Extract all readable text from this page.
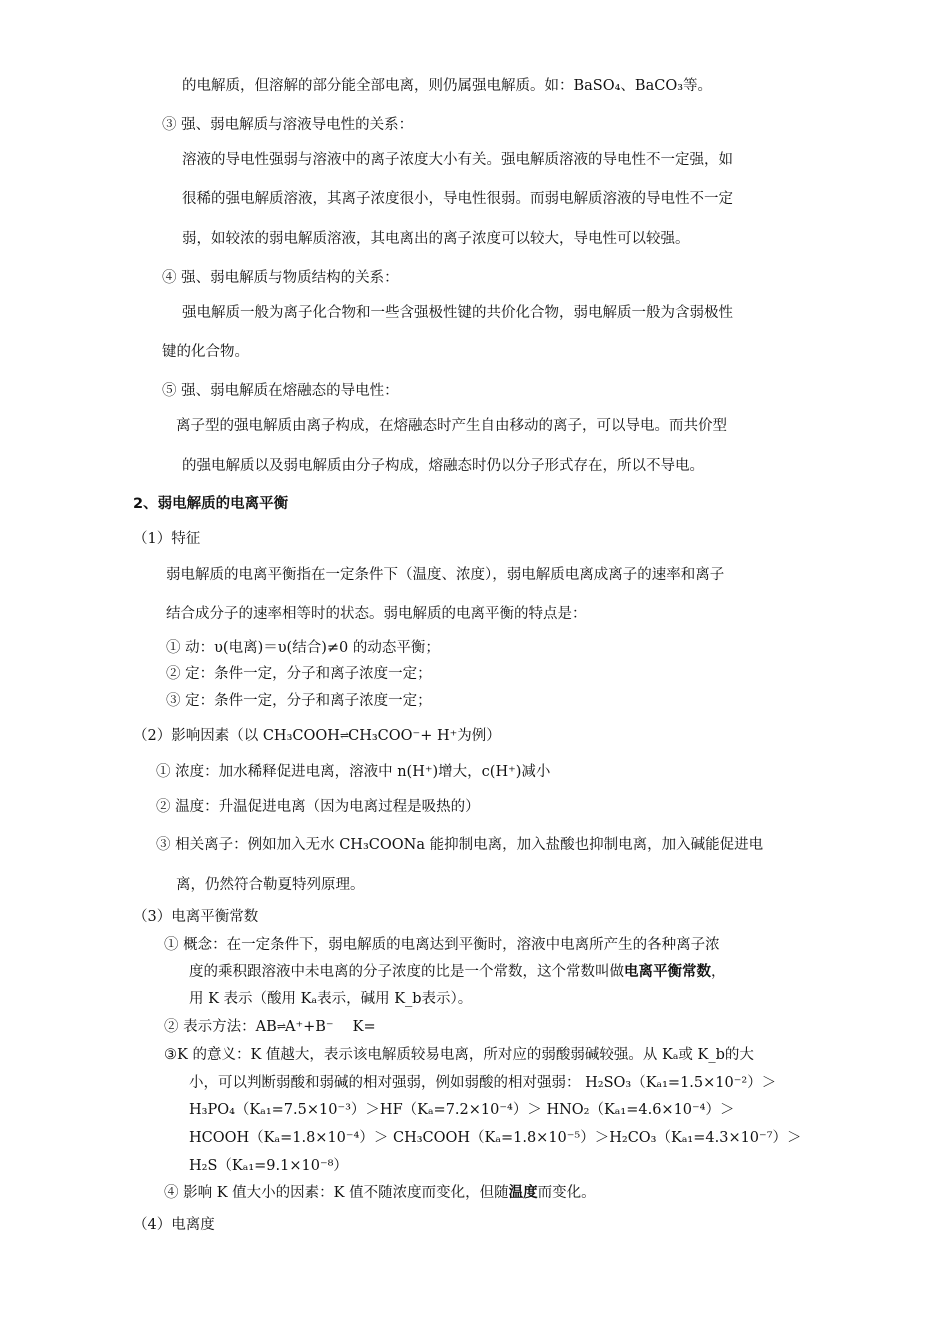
的电解质，但溶解的部分能全部电离，则仍属强电解质。如：BaSO₄、BaCO₃等。
③ 强、弱电解质与溶液导电性的关系：
溶液的导电性强弱与溶液中的离子浓度大小有关。强电解质溶液的导电性不一定强，如
很稀的强电解质溶液，其离子浓度很小，导电性很弱。而弱电解质溶液的导电性不一定
弱，如较浓的弱电解质溶液，其电离出的离子浓度可以较大，导电性可以较强。
④ 强、弱电解质与物质结构的关系：
强电解质一般为离子化合物和一些含强极性键的共价化合物，弱电解质一般为含弱极性
键的化合物。
⑤ 强、弱电解质在熔融态的导电性：
离子型的强电解质由离子构成，在熔融态时产生自由移动的离子，可以导电。而共价型
的强电解质以及弱电解质由分子构成，熔融态时仍以分子形式存在，所以不导电。
2、弱电解质的电离平衡
（1）特征
弱电解质的电离平衡指在一定条件下（温度、浓度），弱电解质电离成离子的速率和离子
结合成分子的速率相等时的状态。弱电解质的电离平衡的特点是：
① 动：υ(电离)＝υ(结合)≠0 的动态平衡；
② 定：条件一定，分子和离子浓度一定；
③ 定：条件一定，分子和离子浓度一定；
（2）影响因素（以 CH₃COOH⇌CH₃COO⁻+ H⁺为例）
① 浓度：加水稀释促进电离，溶液中 n(H⁺)增大，c(H⁺)减小
② 温度：升温促进电离（因为电离过程是吸热的）
③ 相关离子：例如加入无水 CH₃COONa 能抑制电离，加入盐酸也抑制电离，加入碱能促进电
离，仍然符合勒夏特列原理。
（3）电离平衡常数
① 概念：在一定条件下，弱电解质的电离达到平衡时，溶液中电离所产生的各种离子浓
度的乘积跟溶液中未电离的分子浓度的比是一个常数，这个常数叫做电离平衡常数，
用 K 表示（酸用 Kₐ表示，碱用 K_b表示）。
② 表示方法：AB⇌A⁺+B⁻　 K=
③K 的意义：K 值越大，表示该电解质较易电离，所对应的弱酸弱碱较强。从 Kₐ或 K_b的大
小，可以判断弱酸和弱碱的相对强弱，例如弱酸的相对强弱： H₂SO₃（Kₐ₁=1.5×10⁻²）＞
H₃PO₄（Kₐ₁=7.5×10⁻³）＞HF（Kₐ=7.2×10⁻⁴）＞ HNO₂（Kₐ₁=4.6×10⁻⁴）＞
HCOOH（Kₐ=1.8×10⁻⁴）＞ CH₃COOH（Kₐ=1.8×10⁻⁵）＞H₂CO₃（Kₐ₁=4.3×10⁻⁷）＞
H₂S（Kₐ₁=9.1×10⁻⁸）
④ 影响 K 值大小的因素：K 值不随浓度而变化，但随温度而变化。
（4）电离度
